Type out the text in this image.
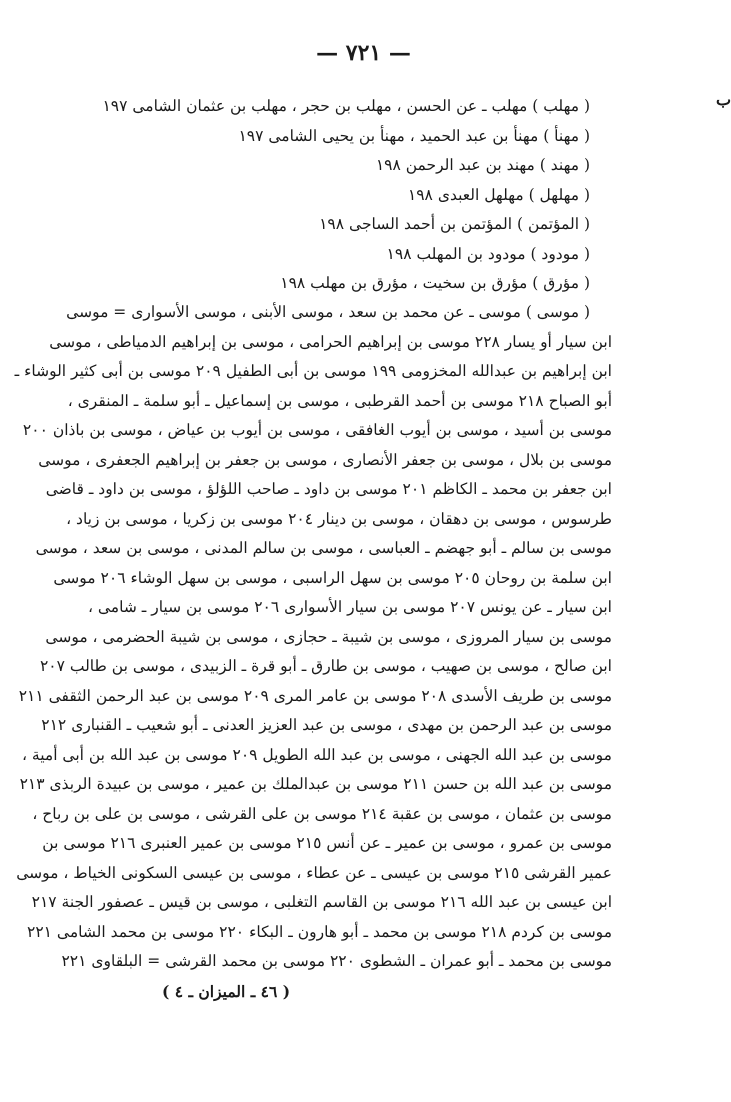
— ٧٢١ —
ب
( مهلب ) مهلب ـ عن الحسن ، مهلب بن حجر ، مهلب بن عثمان الشامى ١٩٧
( مهنأ ) مهنأ بن عبد الحميد ، مهنأ بن يحيى الشامى ١٩٧
( مهند ) مهند بن عبد الرحمن ١٩٨
( مهلهل ) مهلهل العبدى ١٩٨
( المؤتمن ) المؤتمن بن أحمد الساجى ١٩٨
( مودود ) مودود بن المهلب ١٩٨
( مؤرق ) مؤرق بن سخيت ، مؤرق بن مهلب ١٩٨
( موسى ) موسى ـ عن محمد بن سعد ، موسى الأبنى ، موسى الأسوارى = موسى
ابن سيار أو يسار ٢٢٨ موسى بن إبراهيم الحرامى ، موسى بن إبراهيم الدمياطى ، موسى
ابن إبراهيم بن عبدالله المخزومى ١٩٩ موسى بن أبى الطفيل ٢٠٩ موسى بن أبى كثير الوشاء ـ
أبو الصباح ٢١٨ موسى بن أحمد القرطبى ، موسى بن إسماعيل ـ أبو سلمة ـ المنقرى ،
موسى بن أسيد ، موسى بن أيوب الغافقى ، موسى بن أيوب بن عياض ، موسى بن باذان ٢٠٠
موسى بن بلال ، موسى بن جعفر الأنصارى ، موسى بن جعفر بن إبراهيم الجعفرى ، موسى
ابن جعفر بن محمد ـ الكاظم ٢٠١ موسى بن داود ـ صاحب اللؤلؤ ، موسى بن داود ـ قاضى
طرسوس ، موسى بن دهقان ، موسى بن دينار ٢٠٤ موسى بن زكريا ، موسى بن زياد ،
موسى بن سالم ـ أبو جهضم ـ العباسى ، موسى بن سالم المدنى ، موسى بن سعد ، موسى
ابن سلمة بن روحان ٢٠٥ موسى بن سهل الراسبى ، موسى بن سهل الوشاء ٢٠٦ موسى
ابن سيار ـ عن يونس ٢٠٧ موسى بن سيار الأسوارى ٢٠٦ موسى بن سيار ـ شامى ،
موسى بن سيار المروزى ، موسى بن شيبة ـ حجازى ، موسى بن شيبة الحضرمى ، موسى
ابن صالح ، موسى بن صهيب ، موسى بن طارق ـ أبو قرة ـ الزبيدى ، موسى بن طالب ٢٠٧
موسى بن طريف الأسدى ٢٠٨ موسى بن عامر المرى ٢٠٩ موسى بن عبد الرحمن الثقفى ٢١١
موسى بن عبد الرحمن بن مهدى ، موسى بن عبد العزيز العدنى ـ أبو شعيب ـ القنبارى ٢١٢
موسى بن عبد الله الجهنى ، موسى بن عبد الله الطويل ٢٠٩ موسى بن عبد الله بن أبى أمية ،
موسى بن عبد الله بن حسن ٢١١ موسى بن عبدالملك بن عمير ، موسى بن عبيدة الربذى ٢١٣
موسى بن عثمان ، موسى بن عقبة ٢١٤ موسى بن على القرشى ، موسى بن على بن رباح ،
موسى بن عمرو ، موسى بن عمير ـ عن أنس ٢١٥ موسى بن عمير العنبرى ٢١٦ موسى بن
عمير القرشى ٢١٥ موسى بن عيسى ـ عن عطاء ، موسى بن عيسى السكونى الخياط ، موسى
ابن عيسى بن عبد الله ٢١٦ موسى بن القاسم التغلبى ، موسى بن قيس ـ عصفور الجنة ٢١٧
موسى بن كردم ٢١٨ موسى بن محمد ـ أبو هارون ـ البكاء ٢٢٠ موسى بن محمد الشامى ٢٢١
موسى بن محمد ـ أبو عمران ـ الشطوى ٢٢٠ موسى بن محمد القرشى = البلقاوى ٢٢١
( ٤٦ ـ الميزان ـ ٤ )
